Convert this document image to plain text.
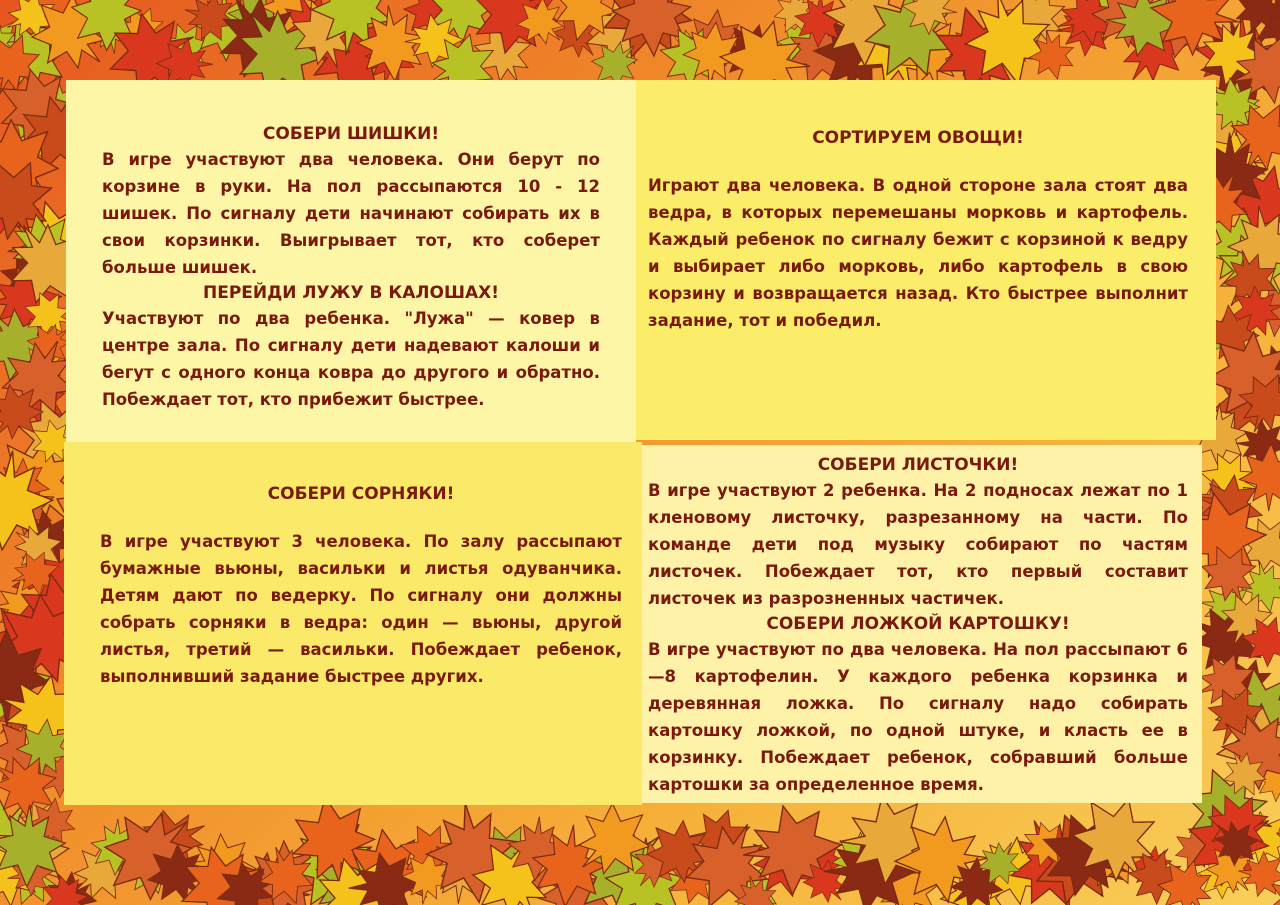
СОБЕРИ ШИШКИ!

В игре участвуют два человека. Они берут по корзине в руки. На пол рассыпаются 10 - 12 шишек. По сигналу дети начинают собирать их в свои корзинки. Выигрывает тот, кто соберет больше шишек.

ПЕРЕЙДИ ЛУЖУ В КАЛОШАХ!

Участвуют по два ребенка. "Лужа" — ковер в центре зала. По сигналу дети надевают калоши и бегут с одного конца ковра до другого и обратно. Побеждает тот, кто прибежит быстрее.

СОРТИРУЕМ ОВОЩИ!

Играют два человека. В одной стороне зала стоят два ведра, в которых перемешаны морковь и картофель. Каждый ребенок по сигналу бежит с корзиной к ведру и выбирает либо морковь, либо картофель в свою корзину и возвращается назад. Кто быстрее выполнит задание, тот и победил.

СОБЕРИ СОРНЯКИ!

В игре участвуют 3 человека. По залу рассыпают бумажные вьюны, васильки и листья одуванчика. Детям дают по ведерку. По сигналу они должны собрать сорняки в ведра: один — вьюны, другой листья, третий — васильки. Побеждает ребенок, выполнивший задание быстрее других.

СОБЕРИ ЛИСТОЧКИ!

В игре участвуют 2 ребенка. На 2 подносах лежат по 1 кленовому листочку, разрезанному на части. По команде дети под музыку собирают по частям листочек. Побеждает тот, кто первый составит листочек из разрозненных частичек.

СОБЕРИ ЛОЖКОЙ КАРТОШКУ!

В игре участвуют по два человека. На пол рассыпают 6—8 картофелин. У каждого ребенка корзинка и деревянная ложка. По сигналу надо собирать картошку ложкой, по одной штуке, и класть ее в корзинку. Побеждает ребенок, собравший больше картошки за определенное время.
